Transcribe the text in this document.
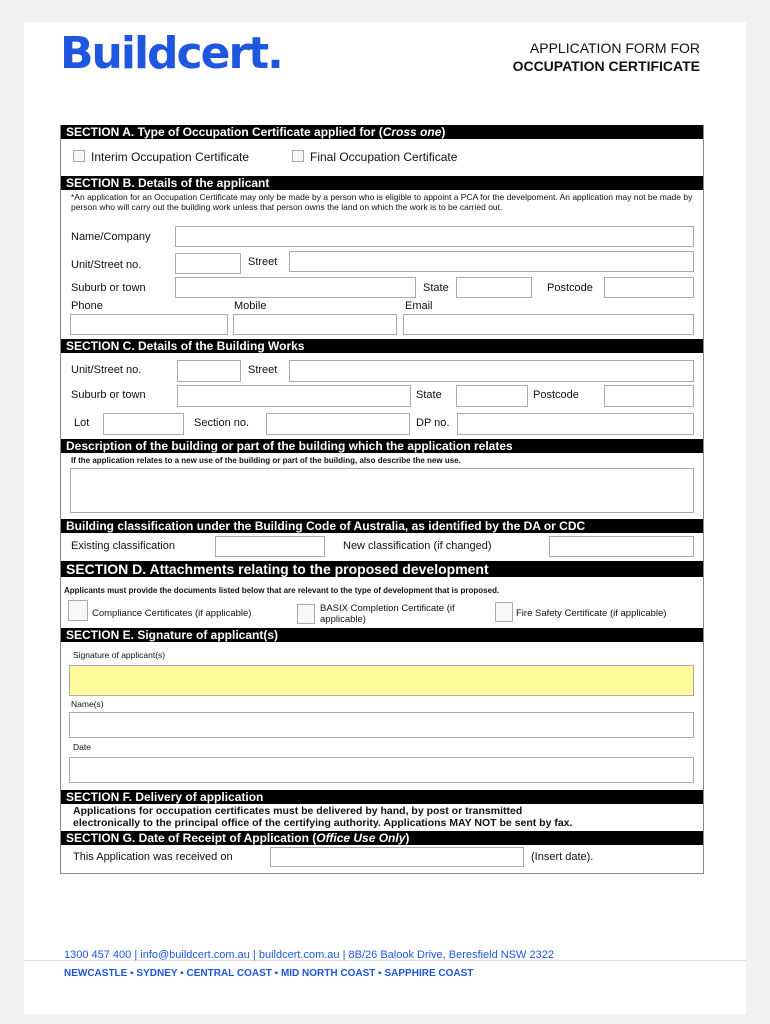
Buildcert.	APPLICATION FORM FOR
OCCUPATION CERTIFICATE
SECTION A. Type of Occupation Certificate applied for (Cross one)
Interim Occupation Certificate	Final Occupation Certificate
SECTION B. Details of the applicant
*An application for an Occupation Certificate may only be made by a person who is eligible to appoint a PCA for the develpoment. An application may not be made by person who will carry out the building work unless that person owns the land on which the work is to be carried out.
Name/Company
Unit/Street no.	Street
Suburb or town	State	Postcode
Phone	Mobile	Email
SECTION C. Details of the Building Works
Unit/Street no.	Street
Suburb or town	State	Postcode
Lot	Section no.	DP no.
Description of the building or part of the building which the application relates
If the application relates to a new use of the building or part of the building, also describe the new use.
Building classification under the Building Code of Australia, as identified by the DA or CDC
Existing classification	New classification (if changed)
SECTION D. Attachments relating to the proposed development
Applicants must provide the documents listed below that are relevant to the type of development that is proposed.
Compliance Certificates (if applicable)	BASIX Completion Certificate (if applicable)
Fire Safety Certificate (if applicable)
SECTION E. Signature of applicant(s)
Signature of applicant(s)
Name(s)
Date
SECTION F. Delivery of application
Applications for occupation certificates must be delivered by hand, by post or transmitted
electronically to the principal office of the certifying authority. Applications MAY NOT be sent by fax.
SECTION G. Date of Receipt of Application (Office Use Only)
This Application was received on	(Insert date).
1300 457 400 | info@buildcert.com.au | buildcert.com.au | 8B/26 Balook Drive, Beresfield NSW 2322
NEWCASTLE ▪ SYDNEY ▪ CENTRAL COAST ▪ MID NORTH COAST ▪ SAPPHIRE COAST
